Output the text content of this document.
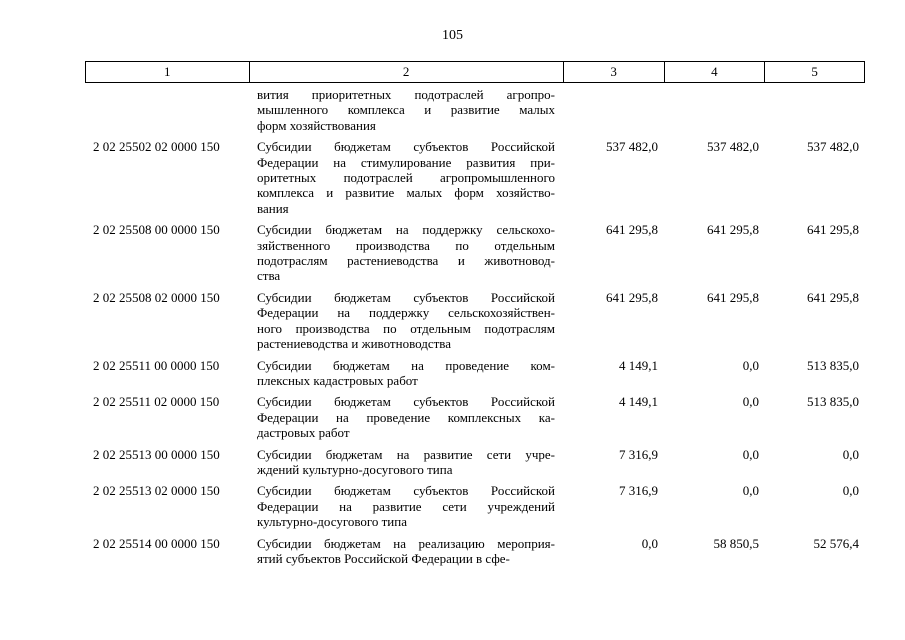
105
1	2	3	4	5
вития приоритетных подотраслей агропро-
мышленного комплекса и развитие малых
форм хозяйствования
2 02 25502 02 0000 150	Субсидии бюджетам субъектов Российской
Федерации на стимулирование развития при-
оритетных подотраслей агропромышленного
комплекса и развитие малых форм хозяйство-
вания
537 482,0	537 482,0	537 482,0
2 02 25508 00 0000 150	Субсидии бюджетам на поддержку сельскохо-
зяйственного производства по отдельным
подотраслям растениеводства и животновод-
ства
641 295,8	641 295,8	641 295,8
2 02 25508 02 0000 150	Субсидии бюджетам субъектов Российской
Федерации на поддержку сельскохозяйствен-
ного производства по отдельным подотраслям
растениеводства и животноводства
641 295,8	641 295,8	641 295,8
2 02 25511 00 0000 150	Субсидии бюджетам на проведение ком-
плексных кадастровых работ
4 149,1	0,0	513 835,0
2 02 25511 02 0000 150	Субсидии бюджетам субъектов Российской
Федерации на проведение комплексных ка-
дастровых работ
4 149,1	0,0	513 835,0
2 02 25513 00 0000 150	Субсидии бюджетам на развитие сети учре-
ждений культурно-досугового типа
7 316,9	0,0	0,0
2 02 25513 02 0000 150	Субсидии бюджетам субъектов Российской
Федерации на развитие сети учреждений
культурно-досугового типа
7 316,9	0,0	0,0
2 02 25514 00 0000 150	Субсидии бюджетам на реализацию мероприя-
ятий субъектов Российской Федерации в сфе-
0,0	58 850,5	52 576,4
